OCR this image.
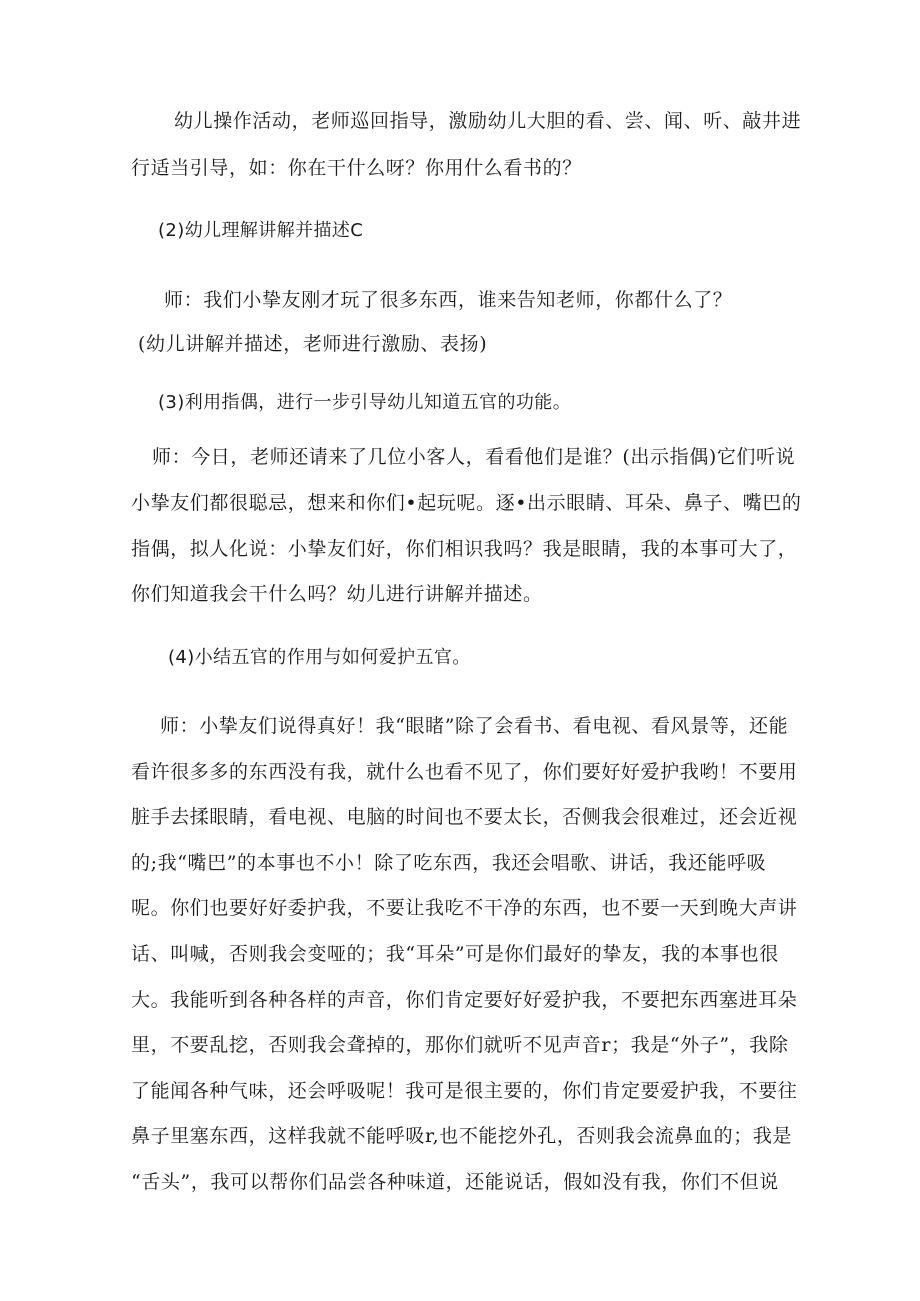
幼儿操作活动，老师巡回指导，激励幼儿大胆的看、尝、闻、听、敲井进
行适当引导，如：你在干什么呀？你用什么看书的？
(2)幼儿理解讲解并描述C
师：我们小挚友刚才玩了很多东西，谁来告知老师，你都什么了？
(幼儿讲解并描述，老师进行激励、表扬)
(3)利用指偶，进行一步引导幼儿知道五官的功能。
师：今日，老师还请来了几位小客人，看看他们是谁？(出示指偶)它们听说
小挚友们都很聪忌，想来和你们•起玩呢。逐•出示眼睛、耳朵、鼻子、嘴巴的
指偶，拟人化说：小挚友们好，你们相识我吗？我是眼睛，我的本事可大了，
你们知道我会干什么吗？幼儿进行讲解并描述。
(4)小结五官的作用与如何爱护五官。
师：小挚友们说得真好！我“眼睹”除了会看书、看电视、看风景等，还能
看许很多多的东西没有我，就什么也看不见了，你们要好好爱护我哟！不要用
脏手去揉眼睛，看电视、电脑的时间也不要太长，否侧我会很难过，还会近视
的;我“嘴巴”的本事也不小！除了吃东西，我还会唱歌、讲话，我还能呼吸
呢。你们也要好好委护我，不要让我吃不干净的东西，也不要一天到晚大声讲
话、叫喊，否则我会变哑的；我“耳朵”可是你们最好的挚友，我的本事也很
大。我能听到各种各样的声音，你们肯定要好好爱护我，不要把东西塞进耳朵
里，不要乱挖，否则我会聋掉的，那你们就听不见声音r；我是“外子”，我除
了能闻各种气味，还会呼吸呢！我可是很主要的，你们肯定要爱护我，不要往
鼻子里塞东西，这样我就不能呼吸r,也不能挖外孔，否则我会流鼻血的；我是
“舌头”，我可以帮你们品尝各种味道，还能说话，假如没有我，你们不但说
